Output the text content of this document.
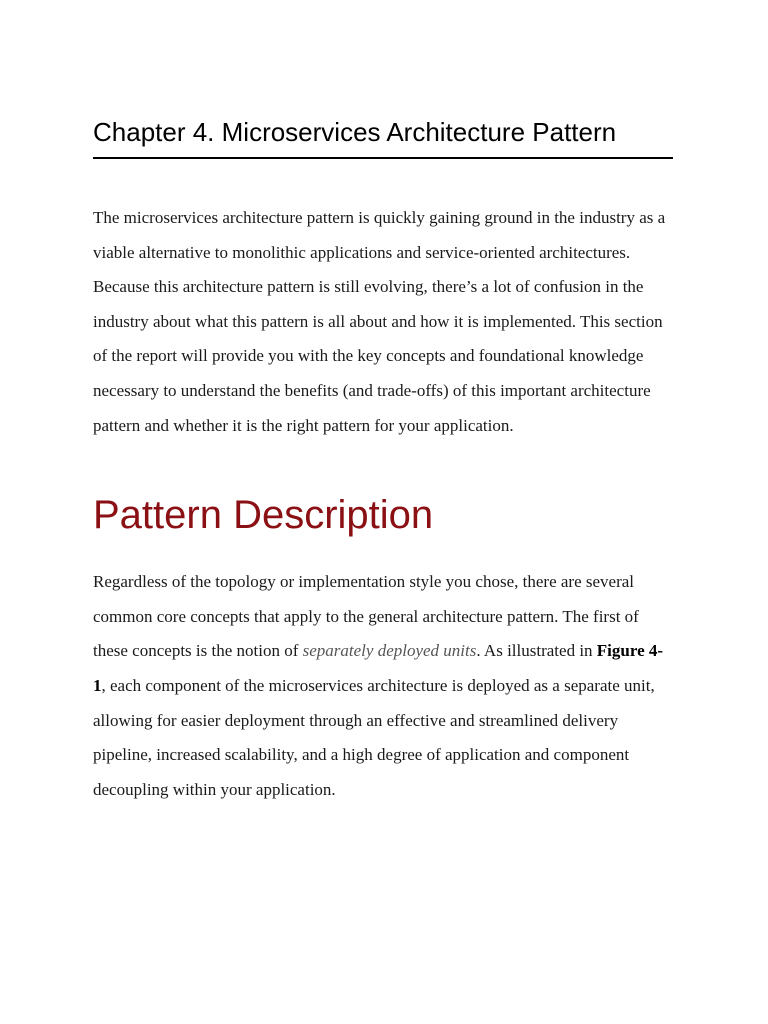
Chapter 4. Microservices Architecture Pattern

The microservices architecture pattern is quickly gaining ground in the industry as a viable alternative to monolithic applications and service-oriented architectures. Because this architecture pattern is still evolving, there’s a lot of confusion in the industry about what this pattern is all about and how it is implemented. This section of the report will provide you with the key concepts and foundational knowledge necessary to understand the benefits (and trade-offs) of this important architecture pattern and whether it is the right pattern for your application.

Pattern Description

Regardless of the topology or implementation style you chose, there are several common core concepts that apply to the general architecture pattern. The first of these concepts is the notion of separately deployed units. As illustrated in Figure 4-1, each component of the microservices architecture is deployed as a separate unit, allowing for easier deployment through an effective and streamlined delivery pipeline, increased scalability, and a high degree of application and component decoupling within your application.
